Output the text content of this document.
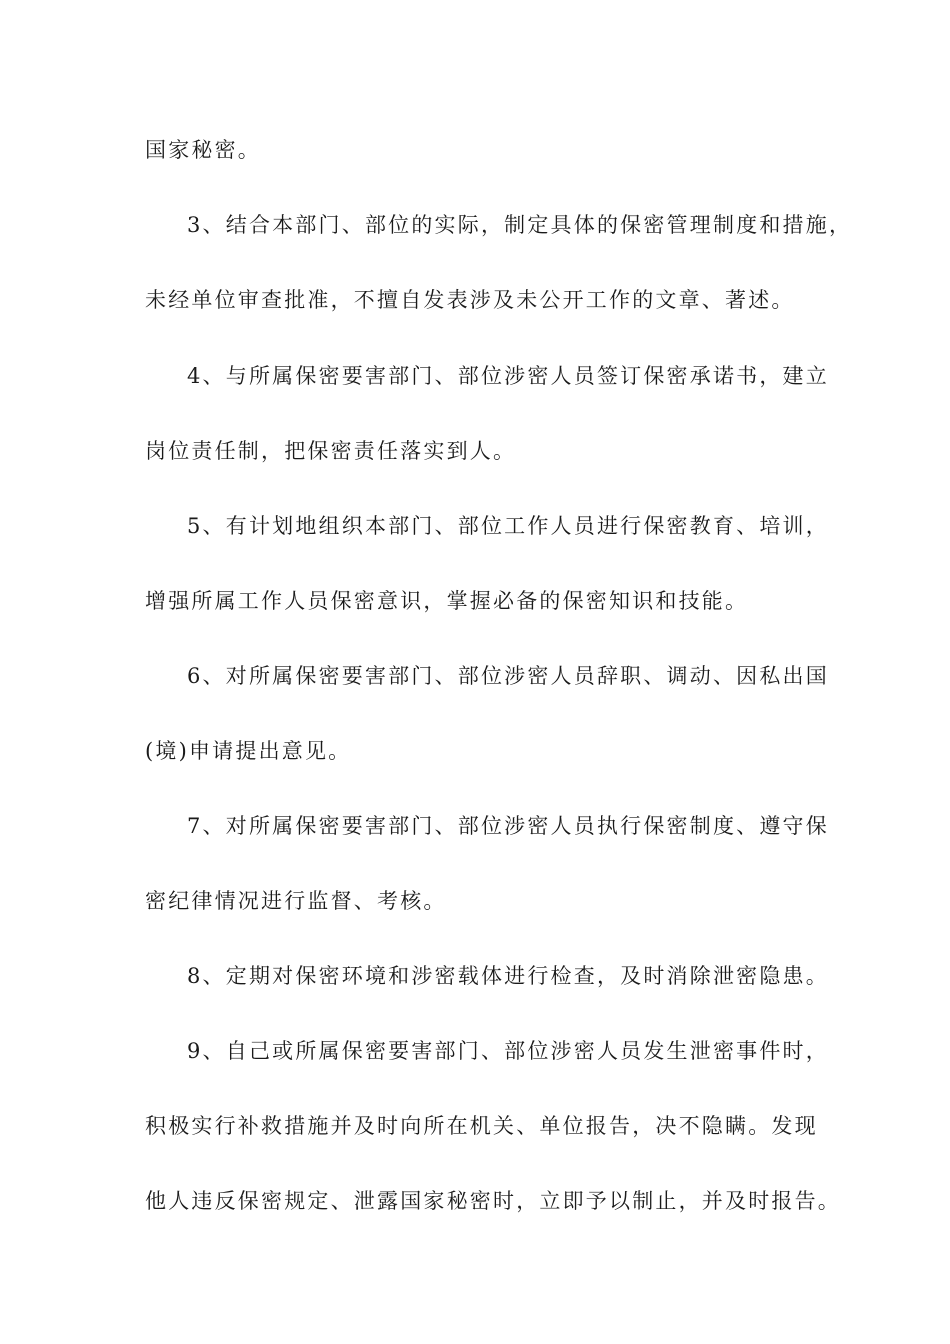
国家秘密。
3、结合本部门、部位的实际，制定具体的保密管理制度和措施，
未经单位审查批准，不擅自发表涉及未公开工作的文章、著述。
4、与所属保密要害部门、部位涉密人员签订保密承诺书，建立
岗位责任制，把保密责任落实到人。
5、有计划地组织本部门、部位工作人员进行保密教育、培训，
增强所属工作人员保密意识，掌握必备的保密知识和技能。
6、对所属保密要害部门、部位涉密人员辞职、调动、因私出国
(境)申请提出意见。
7、对所属保密要害部门、部位涉密人员执行保密制度、遵守保
密纪律情况进行监督、考核。
8、定期对保密环境和涉密载体进行检查，及时消除泄密隐患。
9、自己或所属保密要害部门、部位涉密人员发生泄密事件时，
积极实行补救措施并及时向所在机关、单位报告，决不隐瞒。发现
他人违反保密规定、泄露国家秘密时，立即予以制止，并及时报告。
